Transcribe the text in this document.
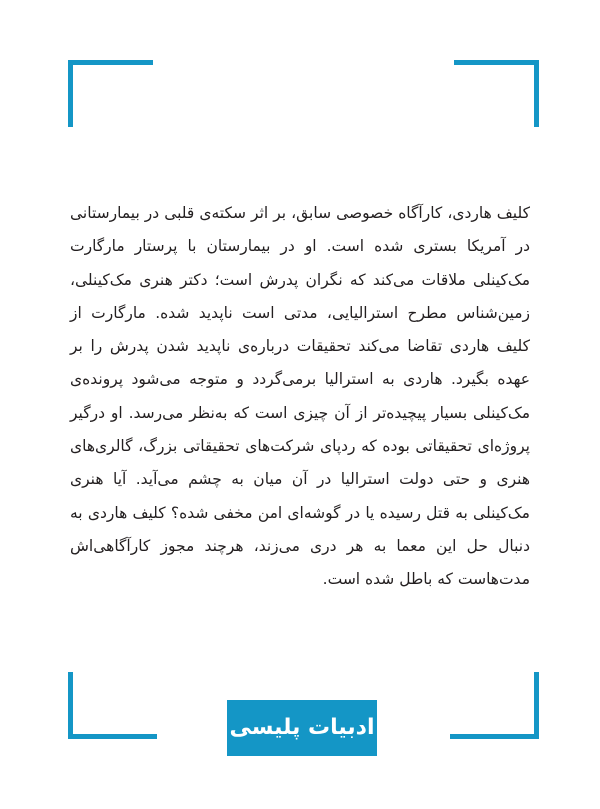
کلیف هاردی، کارآگاه خصوصی سابق، بر اثر سکته‌ی قلبی در بیمارستانی در آمریکا بستری شده است. او در بیمارستان با پرستار مارگارت مک‌کینلی ملاقات می‌کند که نگران پدرش است؛ دکتر هنری مک‌کینلی، زمین‌شناس مطرح استرالیایی، مدتی است ناپدید شده. مارگارت از کلیف هاردی تقاضا می‌کند تحقیقات درباره‌ی ناپدید شدن پدرش را بر عهده بگیرد. هاردی به استرالیا برمی‌گردد و متوجه می‌شود پرونده‌ی مک‌کینلی بسیار پیچیده‌تر از آن چیزی است که به‌نظر می‌رسد. او درگیر پروژه‌ای تحقیقاتی بوده که ردپای شرکت‌های تحقیقاتی بزرگ، گالری‌های هنری و حتی دولت استرالیا در آن میان به چشم می‌آید. آیا هنری مک‌کینلی به قتل رسیده یا در گوشه‌ای امن مخفی شده؟ کلیف هاردی به دنبال حل این معما به هر دری می‌زند، هرچند مجوز کارآگاهی‌اش مدت‌هاست که باطل شده است.

ادبیات پلیسی
